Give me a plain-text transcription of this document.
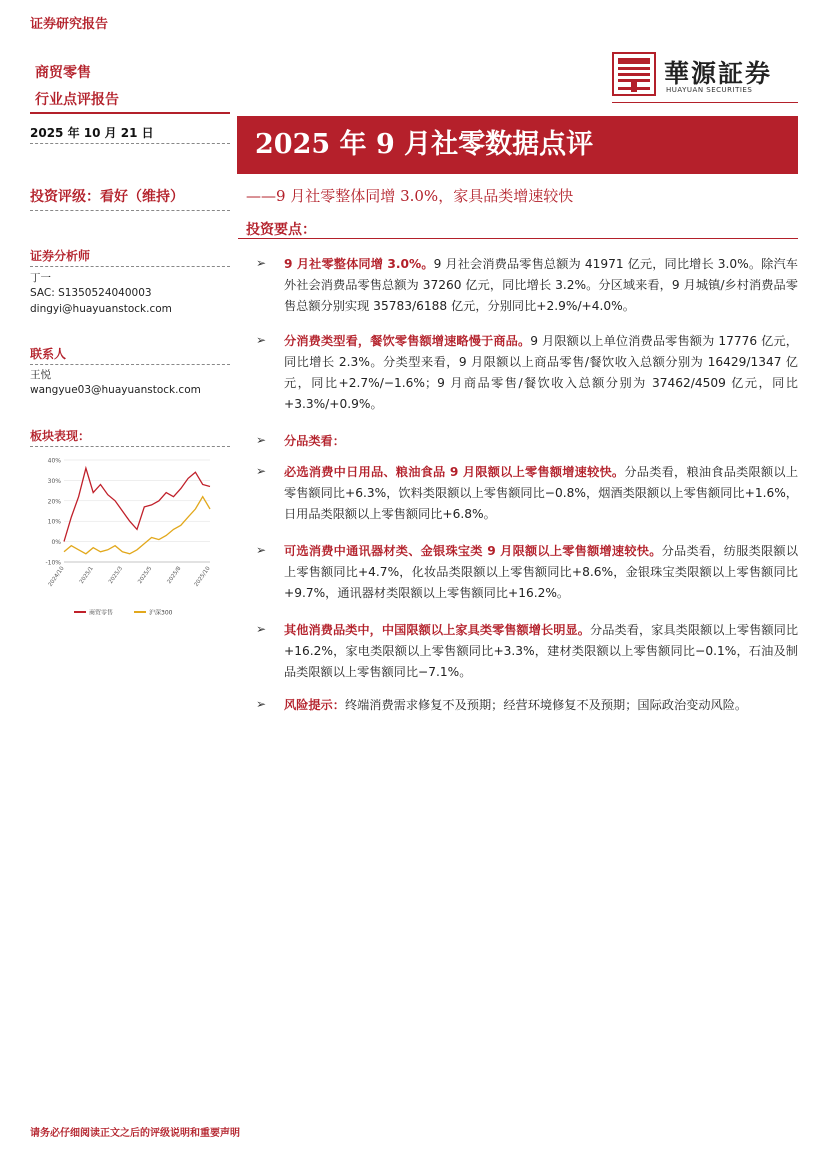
证券研究报告
商贸零售
行业点评报告
華源証券
HUAYUAN SECURITIES
2025 年 10 月 21 日	2025 年 9 月社零数据点评
投资评级：看好（维持）	——9 月社零整体同增 3.0%，家具品类增速较快
证券分析师
丁一
SAC: S1350524040003
dingyi@huayuanstock.com
联系人
王悦
wangyue03@huayuanstock.com
板块表现：
40%
30%
20%
10%
0%
-10%
2024/10 2025/1 2025/3 2025/5 2025/8 2025/10
商贸零售	沪深300
投资要点：
➢ 9 月社零整体同增 3.0%。9 月社会消费品零售总额为 41971 亿元，同比增长 3.0%。除汽车外社会消费品零售总额为 37260 亿元，同比增长 3.2%。分区域来看，9 月城镇/乡村消费品零售总额分别实现 35783/6188 亿元，分别同比+2.9%/+4.0%。
➢ 分消费类型看，餐饮零售额增速略慢于商品。9 月限额以上单位消费品零售额为 17776 亿元，同比增长 2.3%。分类型来看，9 月限额以上商品零售/餐饮收入总额分别为 16429/1347 亿元，同比+2.7%/−1.6%；9 月商品零售/餐饮收入总额分别为 37462/4509 亿元，同比+3.3%/+0.9%。
➢ 分品类看：
➢ 必选消费中日用品、粮油食品 9 月限额以上零售额增速较快。分品类看，粮油食品类限额以上零售额同比+6.3%，饮料类限额以上零售额同比−0.8%，烟酒类限额以上零售额同比+1.6%，日用品类限额以上零售额同比+6.8%。
➢ 可选消费中通讯器材类、金银珠宝类 9 月限额以上零售额增速较快。分品类看，纺服类限额以上零售额同比+4.7%，化妆品类限额以上零售额同比+8.6%，金银珠宝类限额以上零售额同比+9.7%，通讯器材类限额以上零售额同比+16.2%。
➢ 其他消费品类中，中国限额以上家具类零售额增长明显。分品类看，家具类限额以上零售额同比+16.2%，家电类限额以上零售额同比+3.3%，建材类限额以上零售额同比−0.1%，石油及制品类限额以上零售额同比−7.1%。
➢ 风险提示：终端消费需求修复不及预期；经营环境修复不及预期；国际政治变动风险。
请务必仔细阅读正文之后的评级说明和重要声明
